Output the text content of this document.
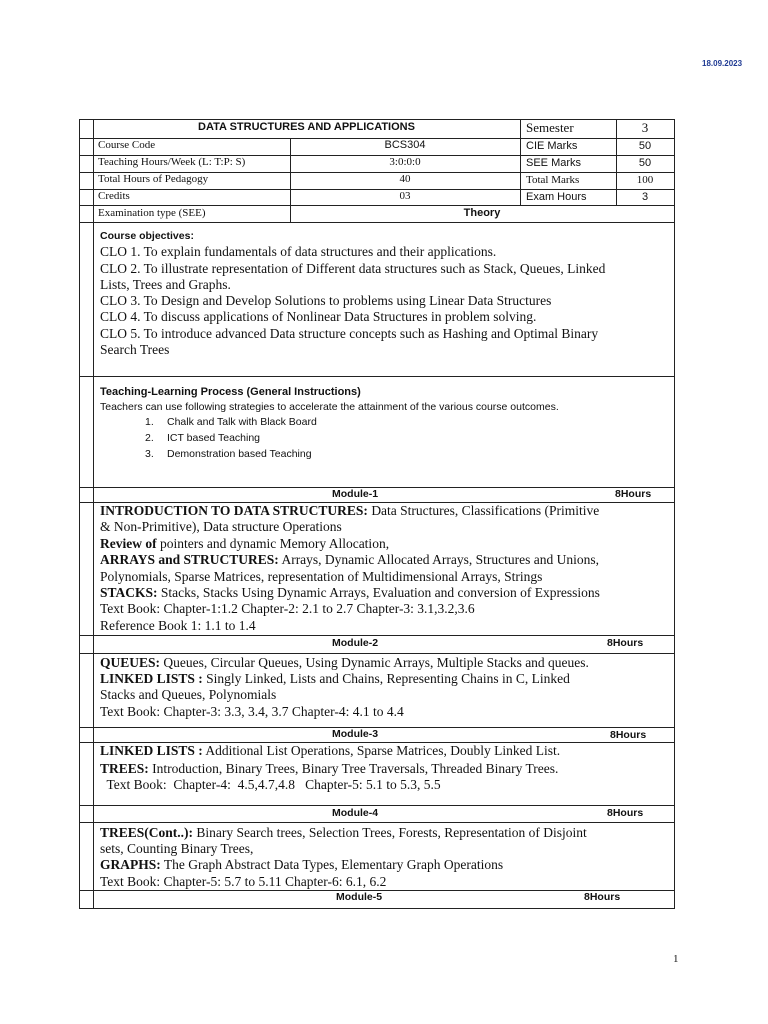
18.09.2023
DATA STRUCTURES AND APPLICATIONS	Semester	3
Course Code	BCS304	CIE Marks	50
Teaching Hours/Week (L: T:P: S)	3:0:0:0	SEE Marks	50
Total Hours of Pedagogy	40	Total Marks	100
Credits	03	Exam Hours	3
Examination type (SEE)	Theory
Course objectives:
CLO 1. To explain fundamentals of data structures and their applications.
CLO 2. To illustrate representation of Different data structures such as Stack, Queues, Linked
Lists, Trees and Graphs.
CLO 3. To Design and Develop Solutions to problems using Linear Data Structures
CLO 4. To discuss applications of Nonlinear Data Structures in problem solving.
CLO 5. To introduce advanced Data structure concepts such as Hashing and Optimal Binary
Search Trees
Teaching-Learning Process (General Instructions)
Teachers can use following strategies to accelerate the attainment of the various course outcomes.
1. Chalk and Talk with Black Board
2. ICT based Teaching
3. Demonstration based Teaching
Module-1	8Hours
INTRODUCTION TO DATA STRUCTURES: Data Structures, Classifications (Primitive
& Non-Primitive), Data structure Operations
Review of pointers and dynamic Memory Allocation,
ARRAYS and STRUCTURES: Arrays, Dynamic Allocated Arrays, Structures and Unions,
Polynomials, Sparse Matrices, representation of Multidimensional Arrays, Strings
STACKS: Stacks, Stacks Using Dynamic Arrays, Evaluation and conversion of Expressions
Text Book: Chapter-1:1.2 Chapter-2: 2.1 to 2.7 Chapter-3: 3.1,3.2,3.6
Reference Book 1: 1.1 to 1.4
Module-2	8Hours
QUEUES: Queues, Circular Queues, Using Dynamic Arrays, Multiple Stacks and queues.
LINKED LISTS : Singly Linked, Lists and Chains, Representing Chains in C, Linked
Stacks and Queues, Polynomials
Text Book: Chapter-3: 3.3, 3.4, 3.7 Chapter-4: 4.1 to 4.4
Module-3	8Hours
LINKED LISTS : Additional List Operations, Sparse Matrices, Doubly Linked List.
TREES: Introduction, Binary Trees, Binary Tree Traversals, Threaded Binary Trees.
Text Book:  Chapter-4:  4.5,4.7,4.8   Chapter-5: 5.1 to 5.3, 5.5
Module-4	8Hours
TREES(Cont..): Binary Search trees, Selection Trees, Forests, Representation of Disjoint
sets, Counting Binary Trees,
GRAPHS: The Graph Abstract Data Types, Elementary Graph Operations
Text Book: Chapter-5: 5.7 to 5.11 Chapter-6: 6.1, 6.2
Module-5	8Hours
1
